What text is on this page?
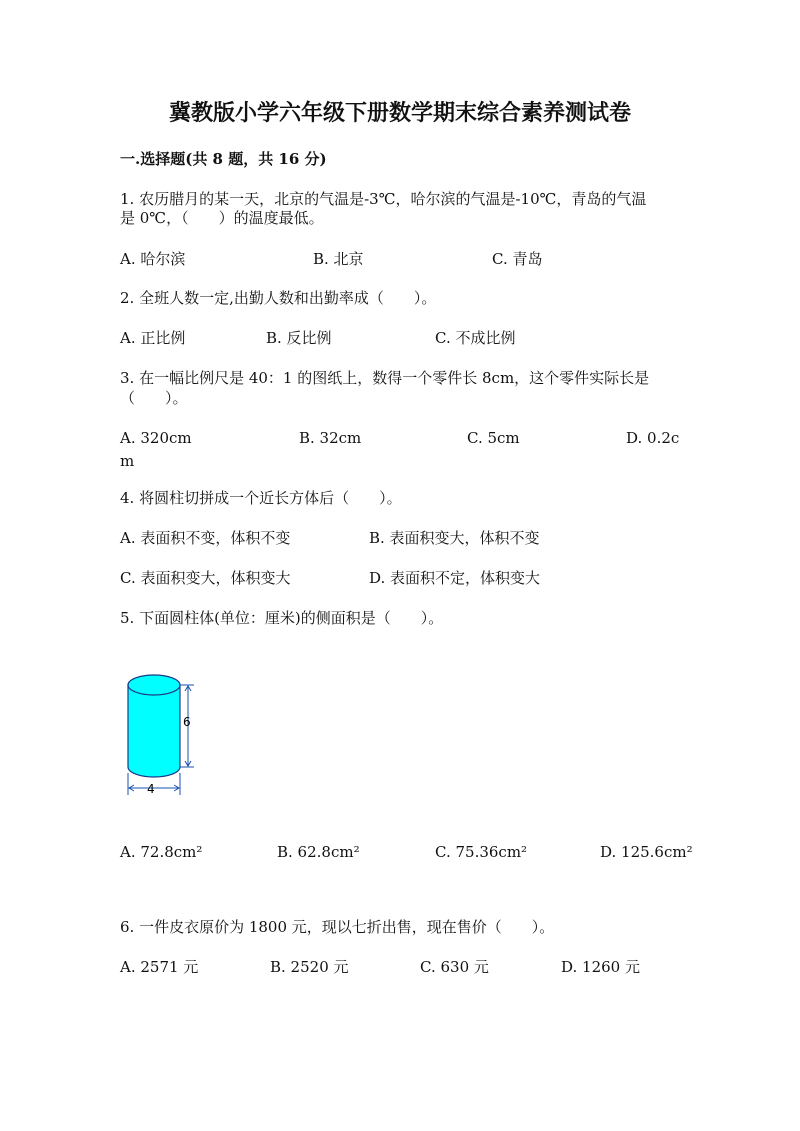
冀教版小学六年级下册数学期末综合素养测试卷
一.选择题(共 8 题，共 16 分)
1. 农历腊月的某一天，北京的气温是-3℃，哈尔滨的气温是-10℃，青岛的气温
是 0℃，（　　）的温度最低。
A. 哈尔滨	B. 北京	C. 青岛
2. 全班人数一定,出勤人数和出勤率成（　　）。
A. 正比例	B. 反比例	C. 不成比例
3. 在一幅比例尺是 40：1 的图纸上，数得一个零件长 8cm，这个零件实际长是
（　　）。
A. 320cm	B. 32cm	C. 5cm	D. 0.2c
m
4. 将圆柱切拼成一个近长方体后（　　）。
A. 表面积不变，体积不变	B. 表面积变大，体积不变
C. 表面积变大，体积变大	D. 表面积不定，体积变大
5. 下面圆柱体(单位：厘米)的侧面积是（　　）。
6
4
A. 72.8cm²	B. 62.8cm²	C. 75.36cm²	D. 125.6cm²
6. 一件皮衣原价为 1800 元，现以七折出售，现在售价（　　）。
A. 2571 元	B. 2520 元	C. 630 元	D. 1260 元
